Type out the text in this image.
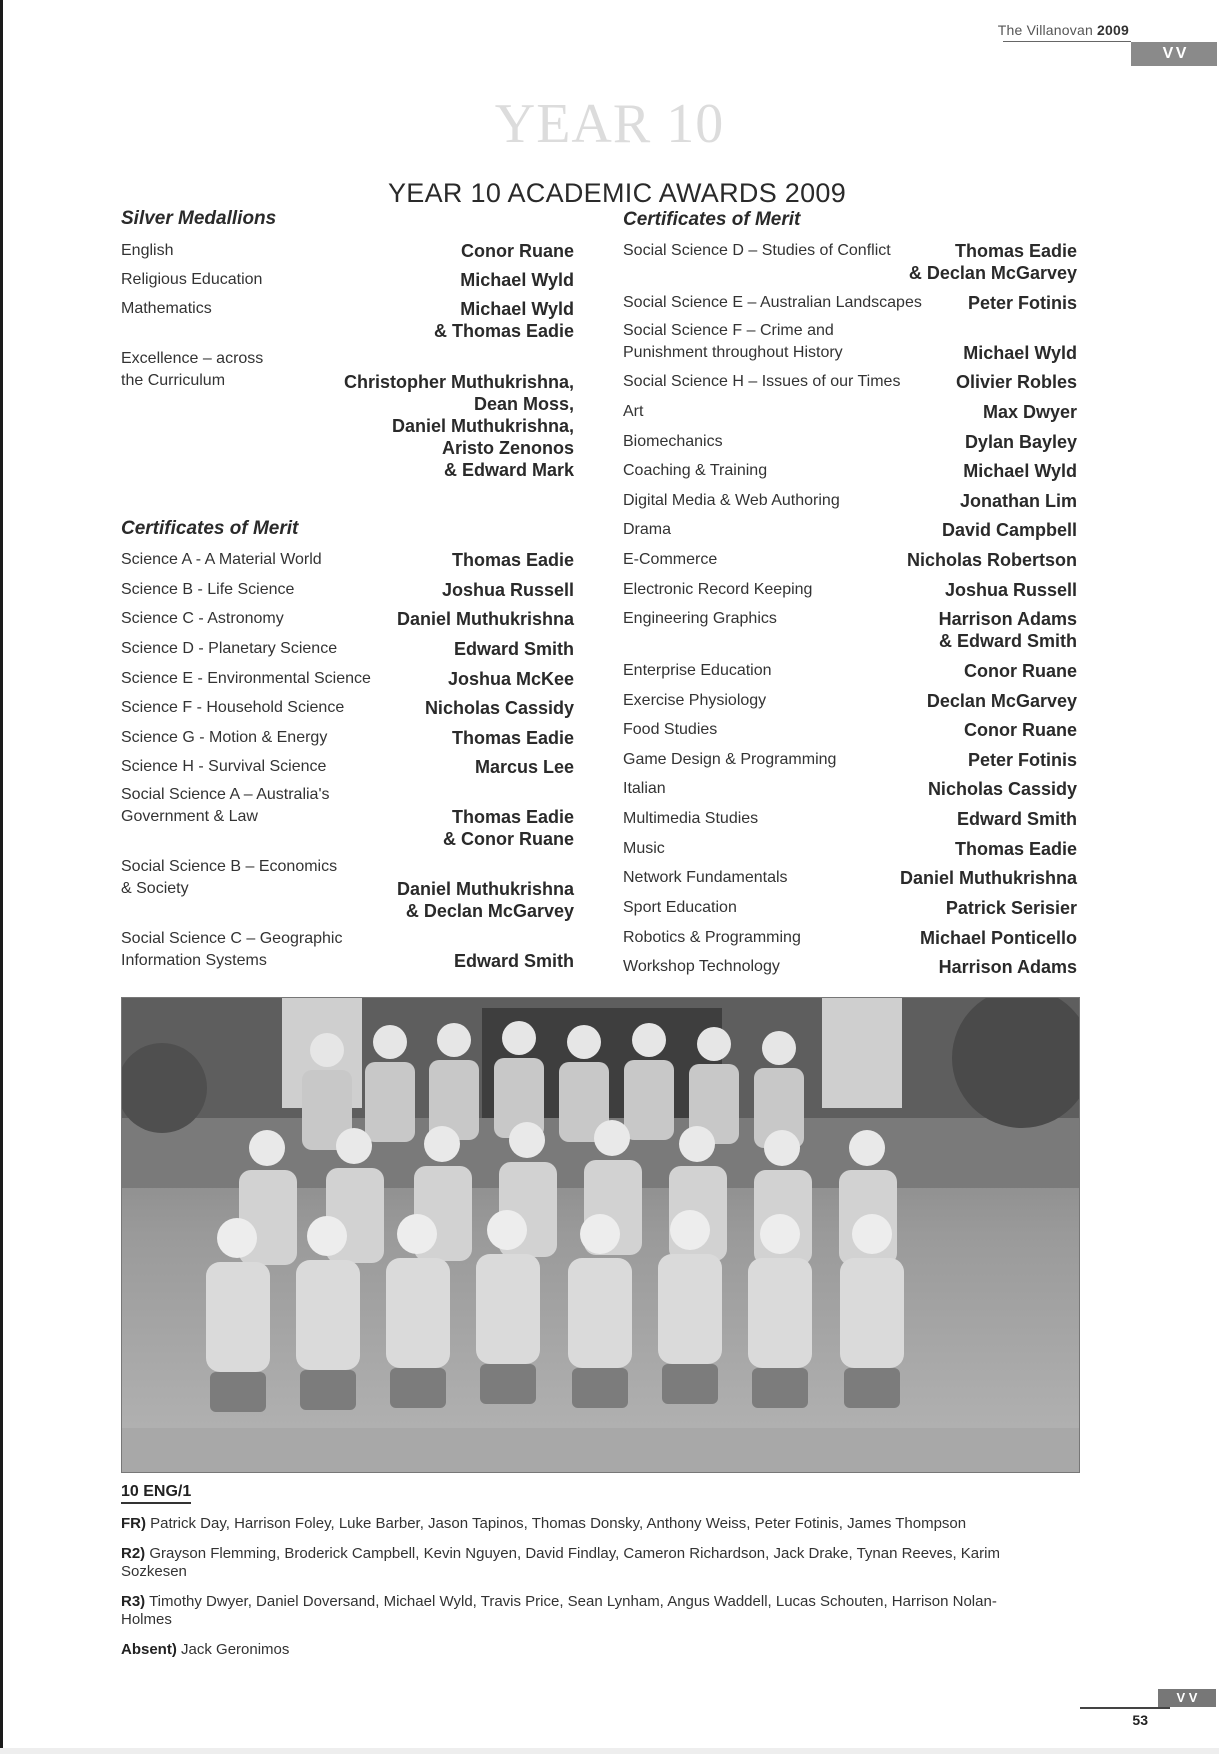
The Villanovan 2009
V V
YEAR 10
YEAR 10 ACADEMIC AWARDS 2009
Silver Medallions
English	Conor Ruane
Religious Education	Michael Wyld
Mathematics	Michael Wyld
& Thomas Eadie
Excellence – across
the Curriculum	Christopher Muthukrishna,
Dean Moss,
Daniel Muthukrishna,
Aristo Zenonos
& Edward Mark
Certificates of Merit
Science A - A Material World	Thomas Eadie
Science B - Life Science	Joshua Russell
Science C - Astronomy	Daniel Muthukrishna
Science D - Planetary Science	Edward Smith
Science E - Environmental Science	Joshua McKee
Science F - Household Science	Nicholas Cassidy
Science G - Motion & Energy	Thomas Eadie
Science H - Survival Science	Marcus Lee
Social Science A – Australia's
Government & Law	Thomas Eadie
& Conor Ruane
Social Science B – Economics
& Society	Daniel Muthukrishna
& Declan McGarvey
Social Science C – Geographic
Information Systems	Edward Smith
Certificates of Merit
Social Science D – Studies of Conflict	Thomas Eadie
& Declan McGarvey
Social Science E – Australian Landscapes	Peter Fotinis
Social Science F – Crime and
Punishment throughout History	Michael Wyld
Social Science H – Issues of our Times	Olivier Robles
Art	Max Dwyer
Biomechanics	Dylan Bayley
Coaching & Training	Michael Wyld
Digital Media & Web Authoring	Jonathan Lim
Drama	David Campbell
E-Commerce	Nicholas Robertson
Electronic Record Keeping	Joshua Russell
Engineering Graphics	Harrison Adams
& Edward Smith
Enterprise Education	Conor Ruane
Exercise Physiology	Declan McGarvey
Food Studies	Conor Ruane
Game Design & Programming	Peter Fotinis
Italian	Nicholas Cassidy
Multimedia Studies	Edward Smith
Music	Thomas Eadie
Network Fundamentals	Daniel Muthukrishna
Sport Education	Patrick Serisier
Robotics & Programming	Michael Ponticello
Workshop Technology	Harrison Adams
10 ENG/1
FR) Patrick Day, Harrison Foley, Luke Barber, Jason Tapinos, Thomas Donsky, Anthony Weiss, Peter Fotinis, James Thompson
R2) Grayson Flemming, Broderick Campbell, Kevin Nguyen, David Findlay, Cameron Richardson, Jack Drake, Tynan Reeves, Karim Sozkesen
R3) Timothy Dwyer, Daniel Doversand, Michael Wyld, Travis Price, Sean Lynham, Angus Waddell, Lucas Schouten, Harrison Nolan-Holmes
Absent) Jack Geronimos
V V
53
